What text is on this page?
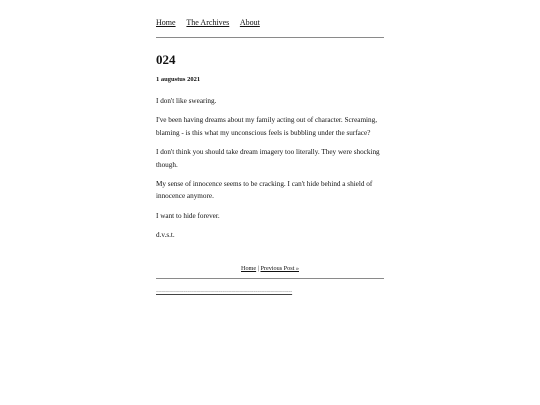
Home The Archives About
024
1 augustus 2021

I don't like swearing.

I've been having dreams about my family acting out of character. Screaming, blaming - is this what my unconscious feels is bubbling under the surface?

I don't think you should take dream imagery too literally. They were shocking though.

My sense of innocence seems to be cracking. I can't hide behind a shield of innocence anymore.

I want to hide forever.

d.v.s.t.

Home | Previous Post »
~~~~~~~~~~~~~~~~~~~~~~~~~~~~~~~~~~~~~~~~~~~~~~~~~~~~~~~~~~~~~~~~~~~~~~
